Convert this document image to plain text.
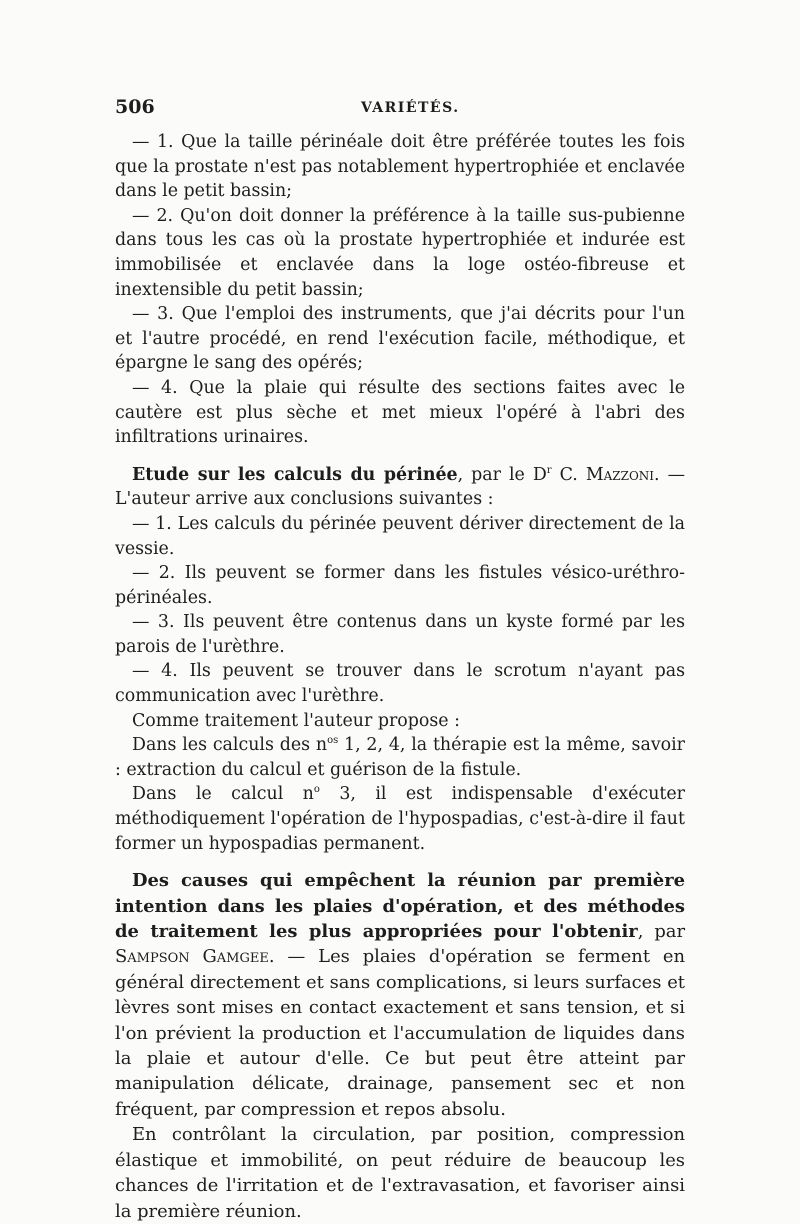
506	VARIÉTÉS.

— 1. Que la taille périnéale doit être préférée toutes les fois que la prostate n'est pas notablement hypertrophiée et enclavée dans le petit bassin;

— 2. Qu'on doit donner la préférence à la taille sus-pubienne dans tous les cas où la prostate hypertrophiée et indurée est immobilisée et enclavée dans la loge ostéo-fibreuse et inextensible du petit bassin;

— 3. Que l'emploi des instruments, que j'ai décrits pour l'un et l'autre procédé, en rend l'exécution facile, méthodique, et épargne le sang des opérés;

— 4. Que la plaie qui résulte des sections faites avec le cautère est plus sèche et met mieux l'opéré à l'abri des infiltrations urinaires.

Etude sur les calculs du périnée, par le $D^r$ C. Mazzoni. — L'auteur arrive aux conclusions suivantes :

— 1. Les calculs du périnée peuvent dériver directement de la vessie.

— 2. Ils peuvent se former dans les fistules vésico-uréthro- périnéales.

— 3. Ils peuvent être contenus dans un kyste formé par les parois de l'urèthre.

— 4. Ils peuvent se trouver dans le scrotum n'ayant pas communication avec l'urèthre.

Comme traitement l'auteur propose :

Dans les calculs des $n^{os}$ 1, 2, 4, la thérapie est la même, savoir : extraction du calcul et guérison de la fistule.

Dans le calcul $n^o$ 3, il est indispensable d'exécuter méthodiquement l'opération de l'hypospadias, c'est-à-dire il faut former un hypospadias permanent.

Des causes qui empêchent la réunion par première intention dans les plaies d'opération, et des méthodes de traitement les plus appropriées pour l'obtenir, par Sampson Gamgee. — Les plaies d'opération se ferment en général directement et sans complications, si leurs surfaces et lèvres sont mises en contact exactement et sans tension, et si l'on prévient la production et l'accumulation de liquides dans la plaie et autour d'elle. Ce but peut être atteint par manipulation délicate, drainage, pansement sec et non fréquent, par compression et repos absolu.

En contrôlant la circulation, par position, compression élastique et immobilité, on peut réduire de beaucoup les chances de l'irritation et de l'extravasation, et favoriser ainsi la première réunion.
